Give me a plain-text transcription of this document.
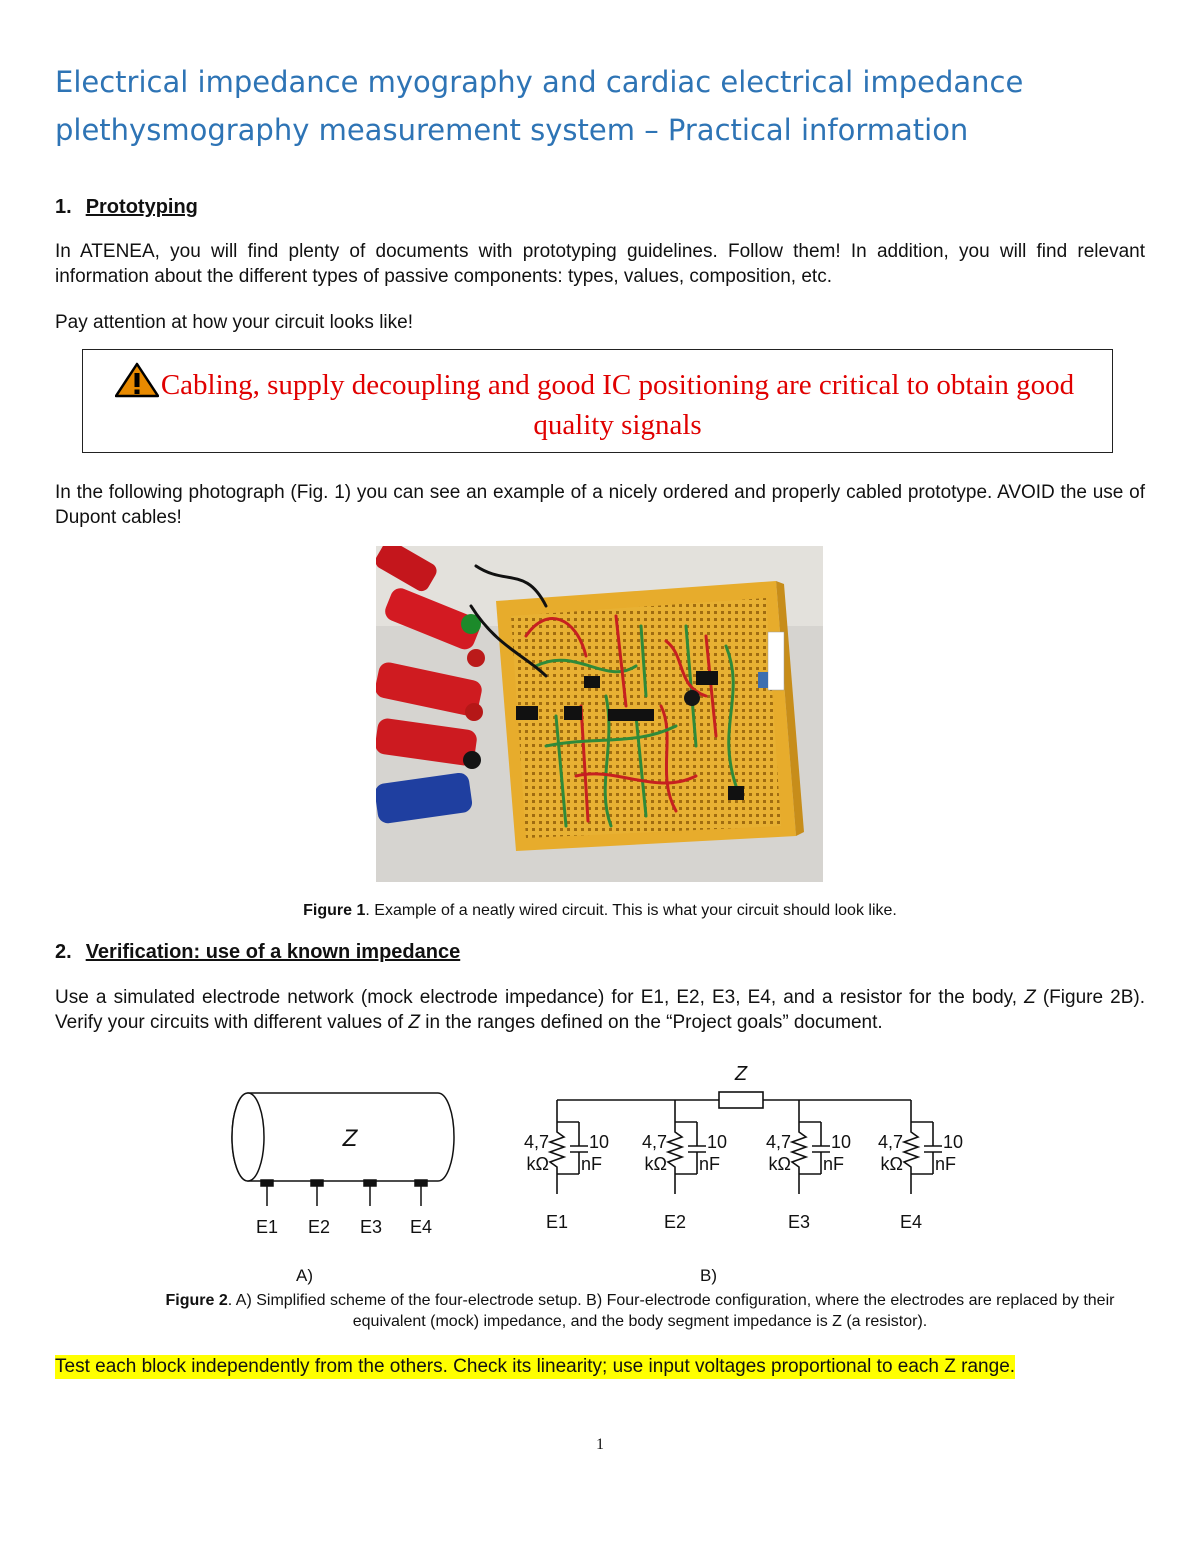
Electrical impedance myography and cardiac electrical impedance plethysmography measurement system – Practical information
1. Prototyping
In ATENEA, you will find plenty of documents with prototyping guidelines. Follow them! In addition, you will find relevant information about the different types of passive components: types, values, composition, etc.
Pay attention at how your circuit looks like!
Cabling, supply decoupling and good IC positioning are critical to obtain good quality signals
In the following photograph (Fig. 1) you can see an example of a nicely ordered and properly cabled prototype. AVOID the use of Dupont cables!
Figure 1. Example of a neatly wired circuit. This is what your circuit should look like.
2. Verification: use of a known impedance
Use a simulated electrode network (mock electrode impedance) for E1, E2, E3, E4, and a resistor for the body, Z (Figure 2B). Verify your circuits with different values of Z in the ranges defined on the “Project goals” document.
Z
E1 E2 E3 E4
A)
Z
4,7
kΩ
10
nF
4,7
kΩ
10
nF
4,7
kΩ
10
nF
4,7
kΩ
10
nF
E1	E2	E3	E4
B)
Figure 2. A) Simplified scheme of the four-electrode setup. B) Four-electrode configuration, where the electrodes are replaced by their equivalent (mock) impedance, and the body segment impedance is Z (a resistor).
Test each block independently from the others. Check its linearity; use input voltages proportional to each Z range.
1
